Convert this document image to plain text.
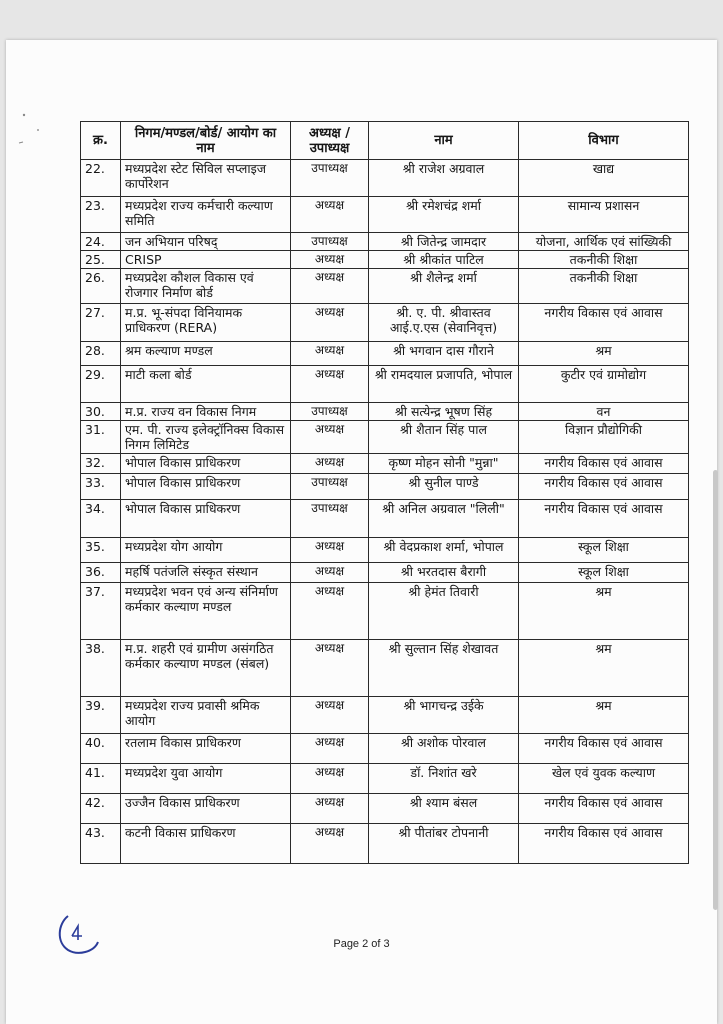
क्र.	निगम/मण्डल/बोर्ड/ आयोग का नाम	अध्यक्ष / उपाध्यक्ष	नाम	विभाग
22.	मध्यप्रदेश स्टेट सिविल सप्लाइज कार्पोरेशन	उपाध्यक्ष	श्री राजेश अग्रवाल	खाद्य
23.	मध्यप्रदेश राज्य कर्मचारी कल्याण समिति	अध्यक्ष	श्री रमेशचंद्र शर्मा	सामान्य प्रशासन
24.	जन अभियान परिषद्	उपाध्यक्ष	श्री जितेन्द्र जामदार	योजना, आर्थिक एवं सांख्यिकी
25.	CRISP	अध्यक्ष	श्री श्रीकांत पाटिल	तकनीकी शिक्षा
26.	मध्यप्रदेश कौशल विकास एवं रोजगार निर्माण बोर्ड	अध्यक्ष	श्री शैलेन्द्र शर्मा	तकनीकी शिक्षा
27.	म.प्र. भू-संपदा विनियामक प्राधिकरण (RERA)	अध्यक्ष	श्री. ए. पी. श्रीवास्तव आई.ए.एस (सेवानिवृत्त)	नगरीय विकास एवं आवास
28.	श्रम कल्याण मण्डल	अध्यक्ष	श्री भगवान दास गौराने	श्रम
29.	माटी कला बोर्ड	अध्यक्ष	श्री रामदयाल प्रजापति, भोपाल	कुटीर एवं ग्रामोद्योग
30.	म.प्र. राज्य वन विकास निगम	उपाध्यक्ष	श्री सत्येन्द्र भूषण सिंह	वन
31.	एम. पी. राज्य इलेक्ट्रॉनिक्स विकास निगम लिमिटेड	अध्यक्ष	श्री शैतान सिंह पाल	विज्ञान प्रौद्योगिकी
32.	भोपाल विकास प्राधिकरण	अध्यक्ष	कृष्ण मोहन सोनी "मुन्ना"	नगरीय विकास एवं आवास
33.	भोपाल विकास प्राधिकरण	उपाध्यक्ष	श्री सुनील पाण्डे	नगरीय विकास एवं आवास
34.	भोपाल विकास प्राधिकरण	उपाध्यक्ष	श्री अनिल अग्रवाल "लिली"	नगरीय विकास एवं आवास
35.	मध्यप्रदेश योग आयोग	अध्यक्ष	श्री वेदप्रकाश शर्मा, भोपाल	स्कूल शिक्षा
36.	महर्षि पतंजलि संस्कृत संस्थान	अध्यक्ष	श्री भरतदास बैरागी	स्कूल शिक्षा
37.	मध्यप्रदेश भवन एवं अन्य संनिर्माण कर्मकार कल्याण मण्डल	अध्यक्ष	श्री हेमंत तिवारी	श्रम
38.	म.प्र. शहरी एवं ग्रामीण असंगठित कर्मकार कल्याण मण्डल (संबल)	अध्यक्ष	श्री सुल्तान सिंह शेखावत	श्रम
39.	मध्यप्रदेश राज्य प्रवासी श्रमिक आयोग	अध्यक्ष	श्री भागचन्द्र उईके	श्रम
40.	रतलाम विकास प्राधिकरण	अध्यक्ष	श्री अशोक पोरवाल	नगरीय विकास एवं आवास
41.	मध्यप्रदेश युवा आयोग	अध्यक्ष	डॉ. निशांत खरे	खेल एवं युवक कल्याण
42.	उज्जैन विकास प्राधिकरण	अध्यक्ष	श्री श्याम बंसल	नगरीय विकास एवं आवास
43.	कटनी विकास प्राधिकरण	अध्यक्ष	श्री पीतांबर टोपनानी	नगरीय विकास एवं आवास
Page 2 of 3
